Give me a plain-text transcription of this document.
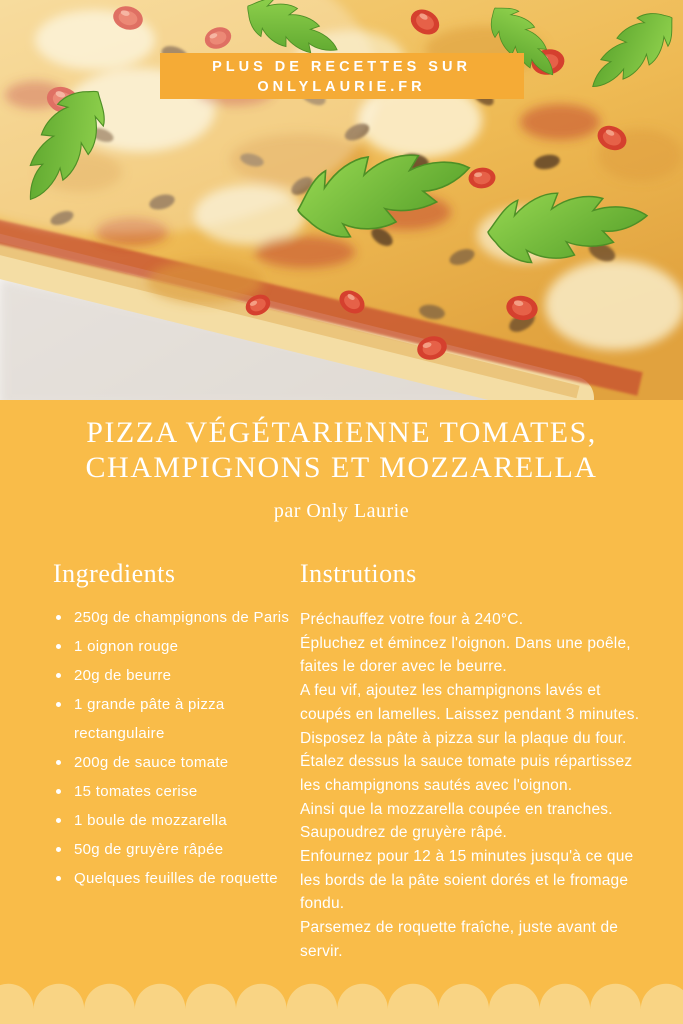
PLUS DE RECETTES SUR
ONLYLAURIE.FR
PIZZA VÉGÉTARIENNE TOMATES,
CHAMPIGNONS ET MOZZARELLA
par Only Laurie
Ingredients
250g de champignons de Paris
1 oignon rouge
20g de beurre
1 grande pâte à pizza rectangulaire
200g de sauce tomate
15 tomates cerise
1 boule de mozzarella
50g de gruyère râpée
Quelques feuilles de roquette
Instrutions
Préchauffez votre four à 240°C.
Épluchez et émincez l'oignon. Dans une poêle,
faites le dorer avec le beurre.
A feu vif, ajoutez les champignons lavés et
coupés en lamelles. Laissez pendant 3 minutes.
Disposez la pâte à pizza sur la plaque du four.
Étalez dessus la sauce tomate puis répartissez
les champignons sautés avec l'oignon.
Ainsi que la mozzarella coupée en tranches.
Saupoudrez de gruyère râpé.
Enfournez pour 12 à 15 minutes jusqu'à ce que
les bords de la pâte soient dorés et le fromage
fondu.
Parsemez de roquette fraîche, juste avant de
servir.
